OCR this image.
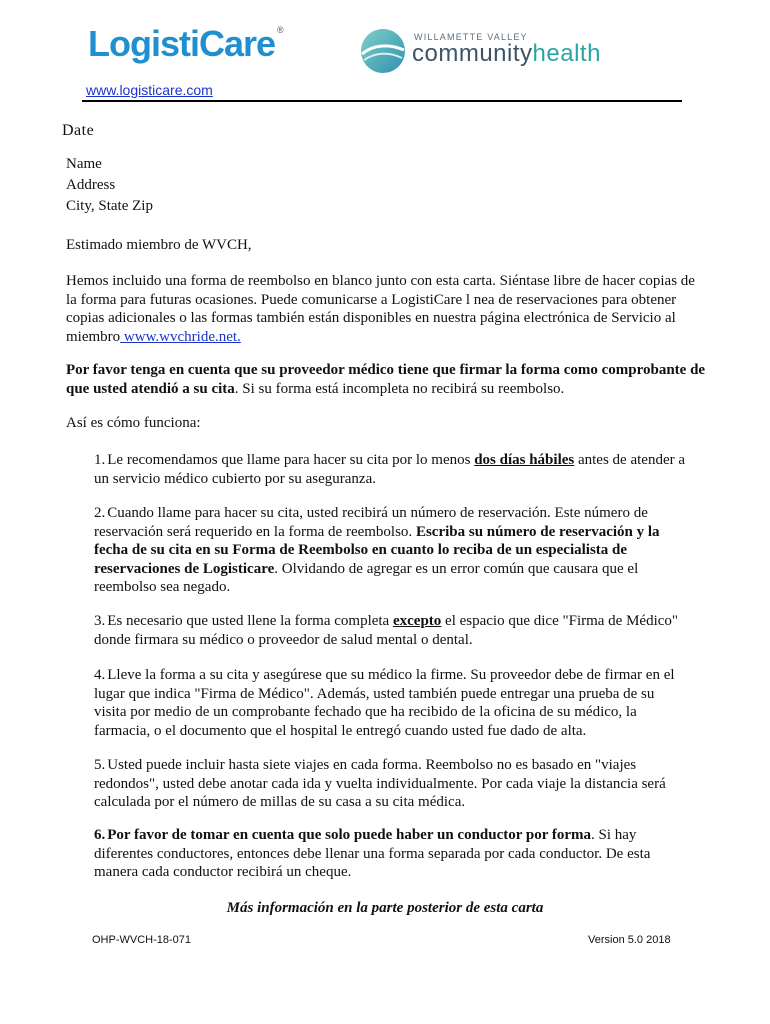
LogistiCare ®
WILLAMETTE VALLEY
communityhealth
www.logisticare.com
Date
Name
Address
City, State Zip
Estimado miembro de WVCH,
Hemos incluido una forma de reembolso en blanco junto con esta carta. Siéntase libre de hacer copias de la forma para futuras ocasiones. Puede comunicarse a LogistiCare l nea de reservaciones para obtener copias adicionales o las formas también están disponibles en nuestra página electrónica de Servicio al miembro www.wvchride.net.
Por favor tenga en cuenta que su proveedor médico tiene que firmar la forma como comprobante de que usted atendió a su cita. Si su forma está incompleta no recibirá su reembolso.
Así es cómo funciona:
1. Le recomendamos que llame para hacer su cita por lo menos dos días hábiles antes de atender a un servicio médico cubierto por su aseguranza.
2. Cuando llame para hacer su cita, usted recibirá un número de reservación. Este número de reservación será requerido en la forma de reembolso. Escriba su número de reservación y la fecha de su cita en su Forma de Reembolso en cuanto lo reciba de un especialista de reservaciones de Logisticare. Olvidando de agregar es un error común que causara que el reembolso sea negado.
3. Es necesario que usted llene la forma completa excepto el espacio que dice "Firma de Médico" donde firmara su médico o proveedor de salud mental o dental.
4. Lleve la forma a su cita y asegúrese que su médico la firme. Su proveedor debe de firmar en el lugar que indica "Firma de Médico". Además, usted también puede entregar una prueba de su visita por medio de un comprobante fechado que ha recibido de la oficina de su médico, la farmacia, o el documento que el hospital le entregó cuando usted fue dado de alta.
5. Usted puede incluir hasta siete viajes en cada forma. Reembolso no es basado en "viajes redondos", usted debe anotar cada ida y vuelta individualmente. Por cada viaje la distancia será calculada por el número de millas de su casa a su cita médica.
6. Por favor de tomar en cuenta que solo puede haber un conductor por forma. Si hay diferentes conductores, entonces debe llenar una forma separada por cada conductor. De esta manera cada conductor recibirá un cheque.
Más información en la parte posterior de esta carta
OHP-WVCH-18-071	Version 5.0 2018
